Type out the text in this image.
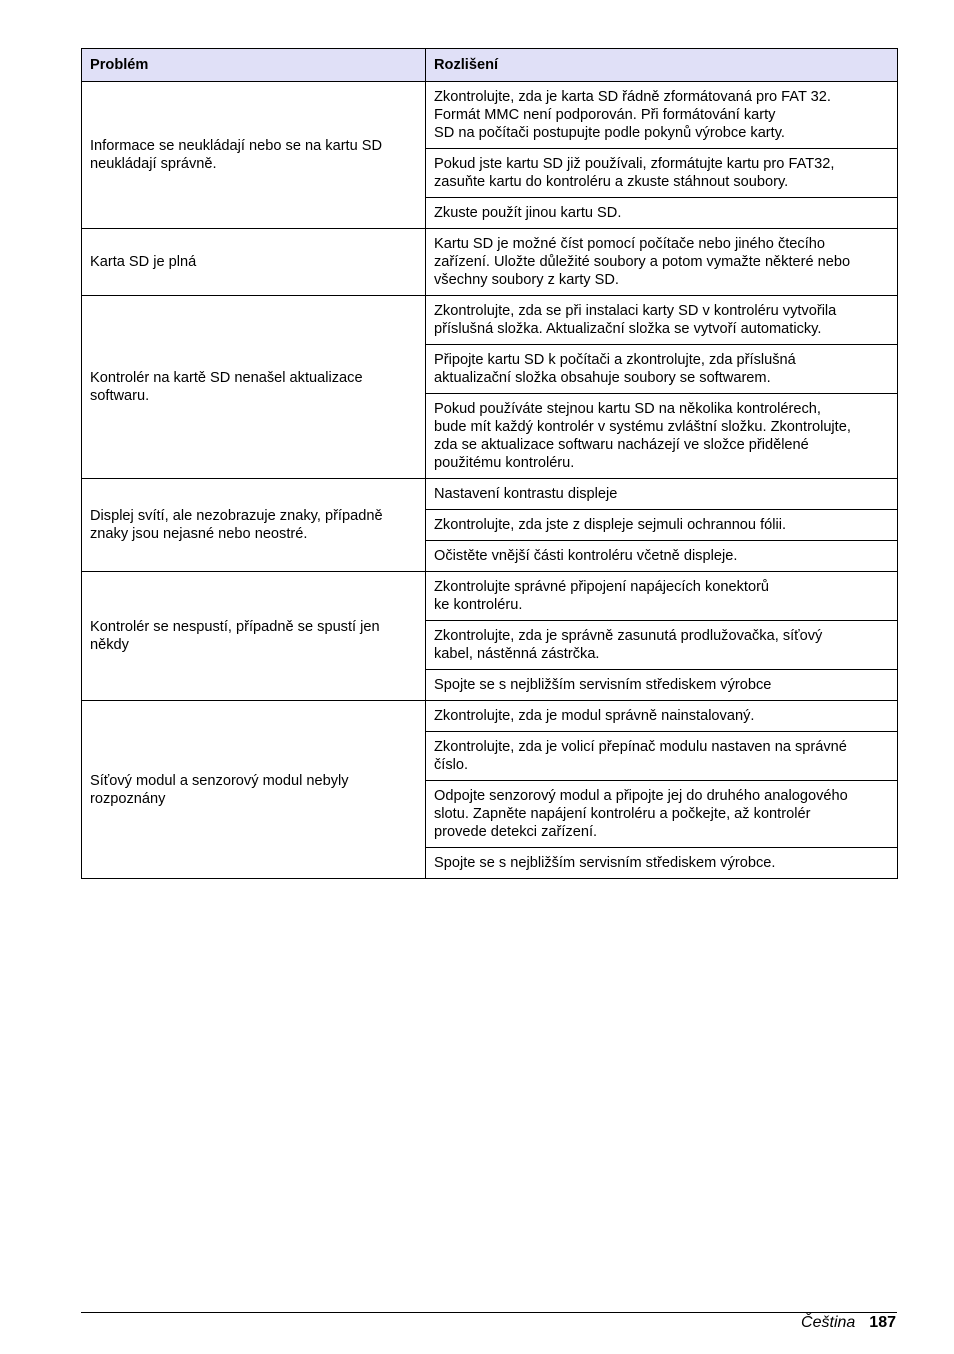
Problém	Rozlišení
Informace se neukládají nebo se na kartu SD neukládají správně.	Zkontrolujte, zda je karta SD řádně zformátovaná pro FAT 32.
Formát MMC není podporován. Při formátování karty
SD na počítači postupujte podle pokynů výrobce karty.

	Pokud jste kartu SD již používali, zformátujte kartu pro FAT32,
zasuňte kartu do kontroléru a zkuste stáhnout soubory.

	Zkuste použít jinou kartu SD.

Karta SD je plná	Kartu SD je možné číst pomocí počítače nebo jiného čtecího
zařízení. Uložte důležité soubory a potom vymažte některé nebo
všechny soubory z karty SD.

Kontrolér na kartě SD nenašel aktualizace softwaru.	Zkontrolujte, zda se při instalaci karty SD v kontroléru vytvořila
příslušná složka. Aktualizační složka se vytvoří automaticky.

	Připojte kartu SD k počítači a zkontrolujte, zda příslušná
aktualizační složka obsahuje soubory se softwarem.

	Pokud používáte stejnou kartu SD na několika kontrolérech,
bude mít každý kontrolér v systému zvláštní složku. Zkontrolujte,
zda se aktualizace softwaru nacházejí ve složce přidělené
použitému kontroléru.

Displej svítí, ale nezobrazuje znaky, případně znaky jsou nejasné nebo neostré.	Nastavení kontrastu displeje

	Zkontrolujte, zda jste z displeje sejmuli ochrannou fólii.

	Očistěte vnější části kontroléru včetně displeje.

Kontrolér se nespustí, případně se spustí jen někdy	Zkontrolujte správné připojení napájecích konektorů
ke kontroléru.

	Zkontrolujte, zda je správně zasunutá prodlužovačka, síťový
kabel, nástěnná zástrčka.

	Spojte se s nejbližším servisním střediskem výrobce

Síťový modul a senzorový modul nebyly rozpoznány	Zkontrolujte, zda je modul správně nainstalovaný.

	Zkontrolujte, zda je volicí přepínač modulu nastaven na správné
číslo.

	Odpojte senzorový modul a připojte jej do druhého analogového
slotu. Zapněte napájení kontroléru a počkejte, až kontrolér
provede detekci zařízení.

	Spojte se s nejbližším servisním střediskem výrobce.
Čeština 187
